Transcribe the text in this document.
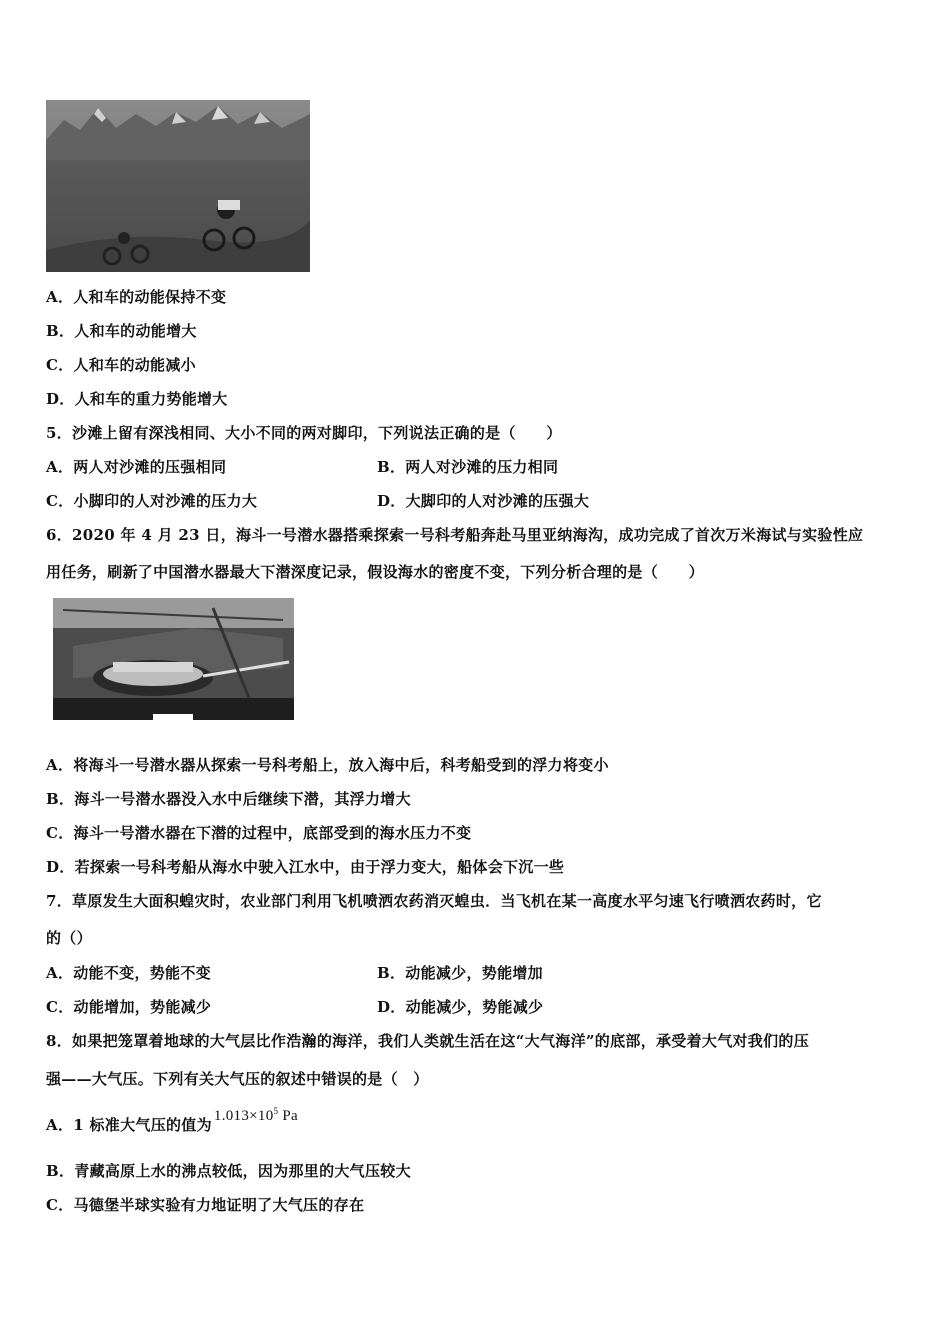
A．人和车的动能保持不变
B．人和车的动能增大
C．人和车的动能减小
D．人和车的重力势能增大
5．沙滩上留有深浅相同、大小不同的两对脚印，下列说法正确的是（　　）
A．两人对沙滩的压强相同	B．两人对沙滩的压力相同
C．小脚印的人对沙滩的压力大	D．大脚印的人对沙滩的压强大
6．2020 年 4 月 23 日，海斗一号潜水器搭乘探索一号科考船奔赴马里亚纳海沟，成功完成了首次万米海试与实验性应
用任务，刷新了中国潜水器最大下潜深度记录，假设海水的密度不变，下列分析合理的是（　　）
A．将海斗一号潜水器从探索一号科考船上，放入海中后，科考船受到的浮力将变小
B．海斗一号潜水器没入水中后继续下潜，其浮力增大
C．海斗一号潜水器在下潜的过程中，底部受到的海水压力不变
D．若探索一号科考船从海水中驶入江水中，由于浮力变大，船体会下沉一些
7．草原发生大面积蝗灾时，农业部门利用飞机喷洒农药消灭蝗虫．当飞机在某一高度水平匀速飞行喷洒农药时，它
的（）
A．动能不变，势能不变	B．动能减少，势能增加
C．动能增加，势能减少	D．动能减少，势能减少
8．如果把笼罩着地球的大气层比作浩瀚的海洋，我们人类就生活在这“大气海洋”的底部，承受着大气对我们的压
强——大气压。下列有关大气压的叙述中错误的是（　）
A．1 标准大气压的值为 $1.013\times 10^5$ Pa
B．青藏高原上水的沸点较低，因为那里的大气压较大
C．马德堡半球实验有力地证明了大气压的存在
